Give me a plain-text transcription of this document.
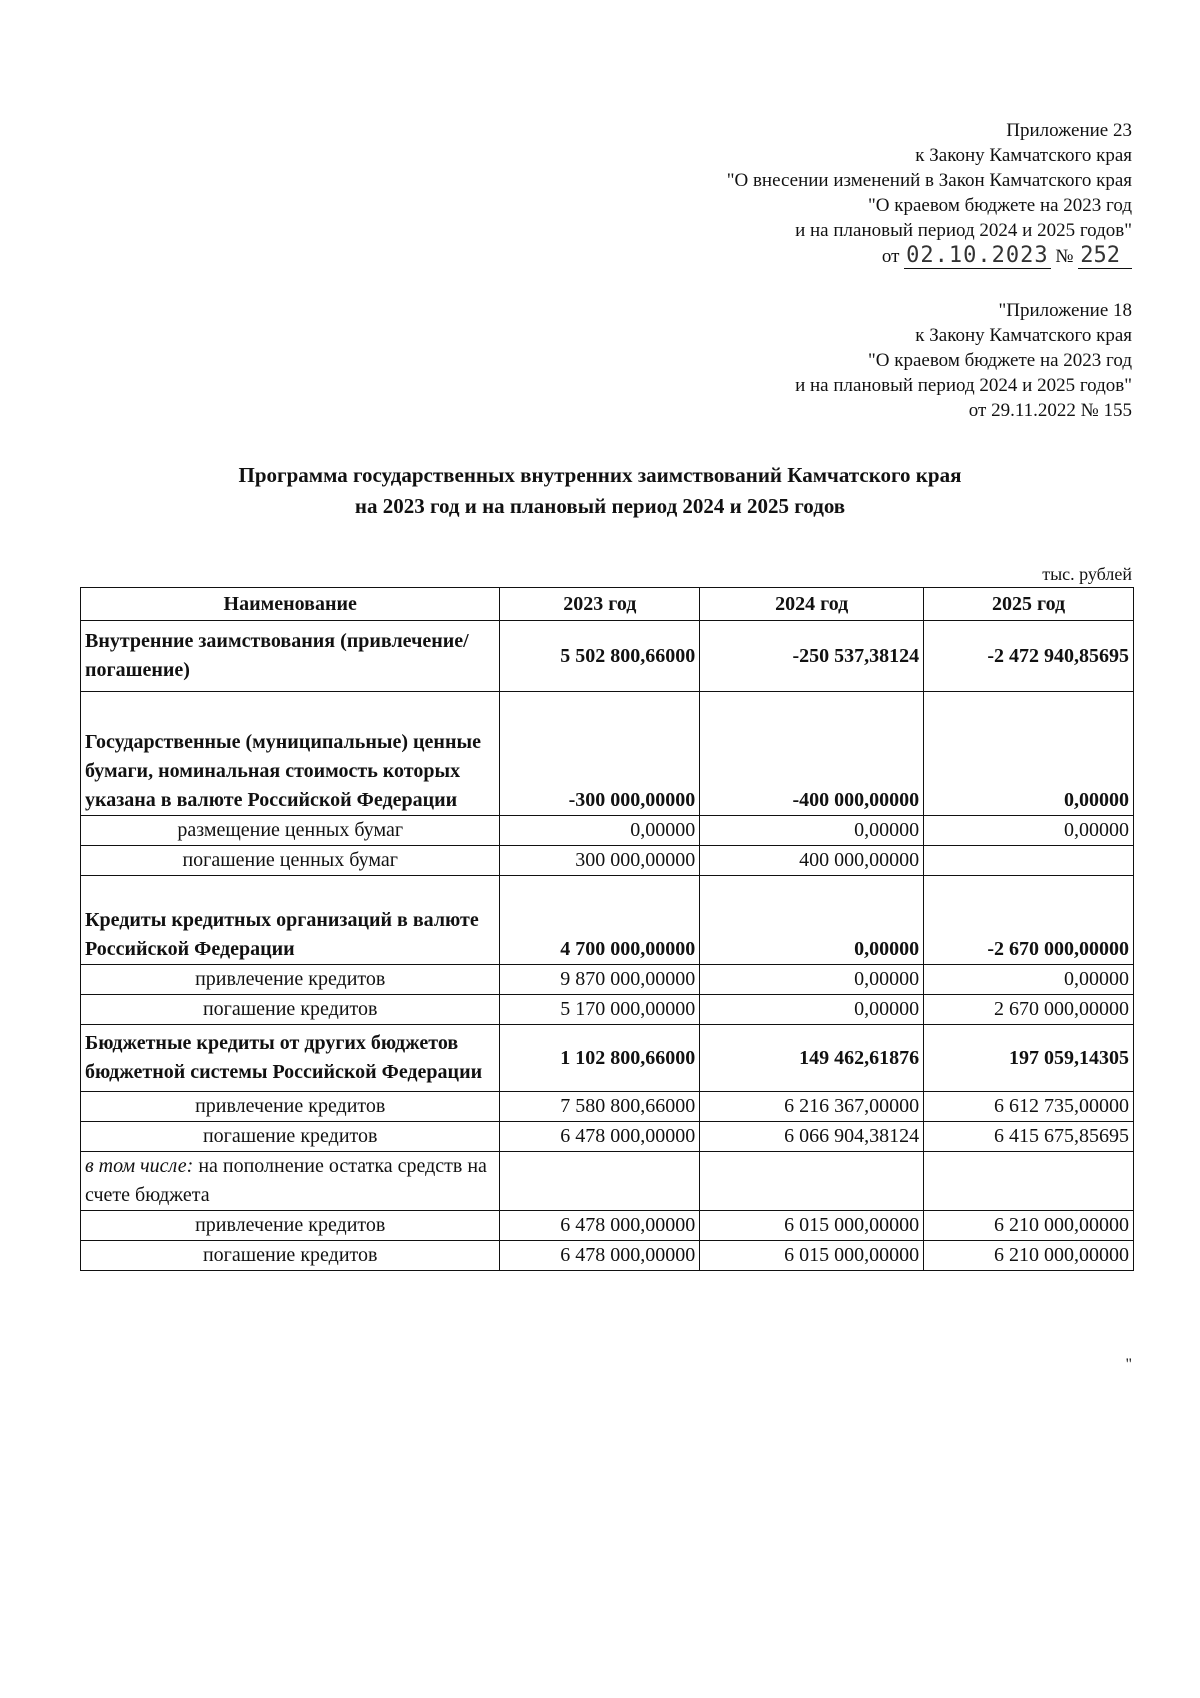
Приложение 23
к Закону Камчатского края
"О внесении изменений в Закон Камчатского края
"О краевом бюджете на 2023 год
и на плановый период 2024 и 2025 годов"
от 02.10.2023 № 252
"Приложение 18
к Закону Камчатского края
"О краевом бюджете на 2023 год
и на плановый период 2024 и 2025 годов"
от 29.11.2022 № 155
Программа государственных внутренних заимствований Камчатского края
на 2023 год и на плановый период 2024 и 2025 годов
тыс. рублей
Наименование	2023 год	2024 год	2025 год
Внутренние заимствования (привлечение/погашение)	5 502 800,66000	-250 537,38124	-2 472 940,85695
Государственные (муниципальные) ценные бумаги, номинальная стоимость которых указана в валюте Российской Федерации	-300 000,00000	-400 000,00000	0,00000
размещение ценных бумаг	0,00000	0,00000	0,00000
погашение ценных бумаг	300 000,00000	400 000,00000	
Кредиты кредитных организаций в валюте Российской Федерации	4 700 000,00000	0,00000	-2 670 000,00000
привлечение кредитов	9 870 000,00000	0,00000	0,00000
погашение кредитов	5 170 000,00000	0,00000	2 670 000,00000
Бюджетные кредиты от других бюджетов бюджетной системы Российской Федерации	1 102 800,66000	149 462,61876	197 059,14305
привлечение кредитов	7 580 800,66000	6 216 367,00000	6 612 735,00000
погашение кредитов	6 478 000,00000	6 066 904,38124	6 415 675,85695
в том числе: на пополнение остатка средств на счете бюджета			
привлечение кредитов	6 478 000,00000	6 015 000,00000	6 210 000,00000
погашение кредитов	6 478 000,00000	6 015 000,00000	6 210 000,00000
"
